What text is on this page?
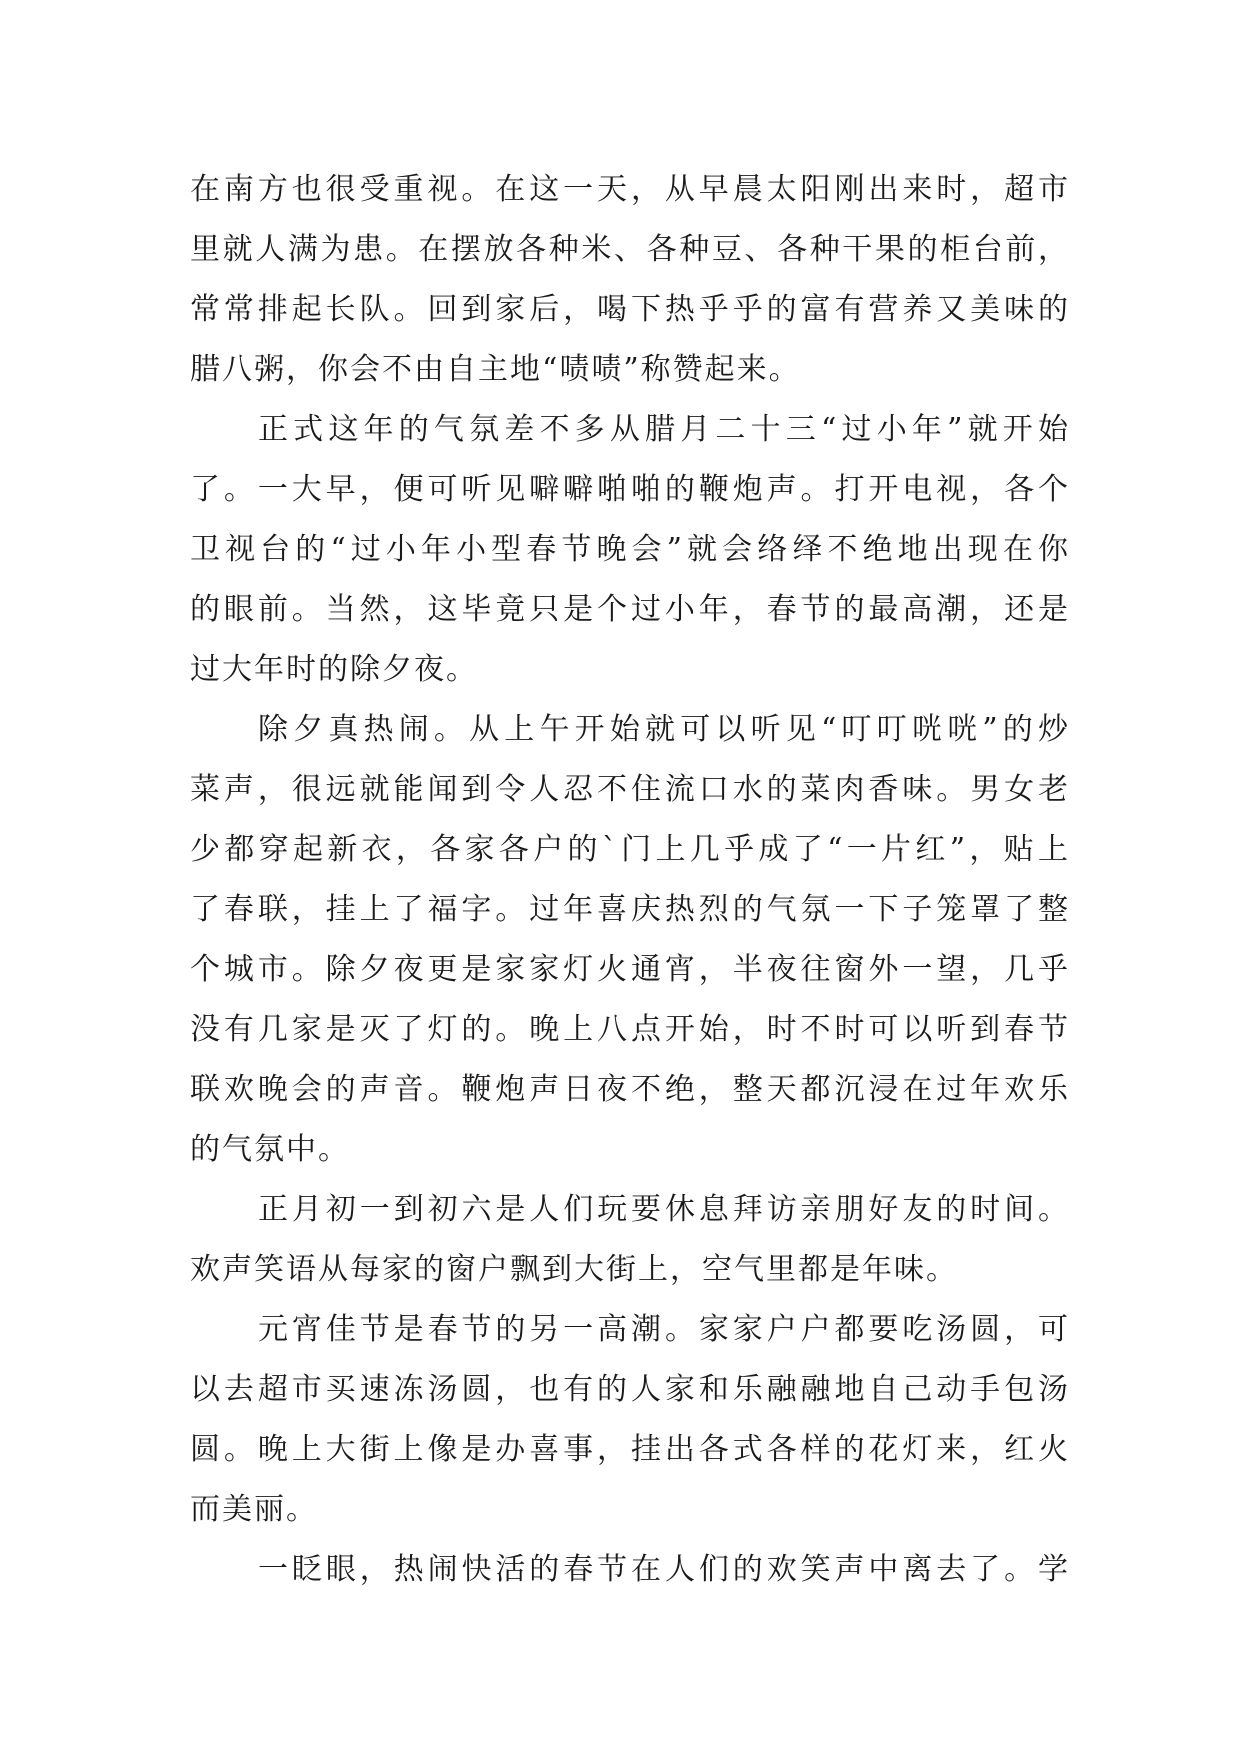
在南方也很受重视。在这一天，从早晨太阳刚出来时，超市
里就人满为患。在摆放各种米、各种豆、各种干果的柜台前，
常常排起长队。回到家后，喝下热乎乎的富有营养又美味的
腊八粥，你会不由自主地“啧啧”称赞起来。
正式这年的气氛差不多从腊月二十三“过小年”就开始
了。一大早，便可听见噼噼啪啪的鞭炮声。打开电视，各个
卫视台的“过小年小型春节晚会”就会络绎不绝地出现在你
的眼前。当然，这毕竟只是个过小年，春节的最高潮，还是
过大年时的除夕夜。
除夕真热闹。从上午开始就可以听见“叮叮咣咣”的炒
菜声，很远就能闻到令人忍不住流口水的菜肉香味。男女老
少都穿起新衣，各家各户的`门上几乎成了“一片红”，贴上
了春联，挂上了福字。过年喜庆热烈的气氛一下子笼罩了整
个城市。除夕夜更是家家灯火通宵，半夜往窗外一望，几乎
没有几家是灭了灯的。晚上八点开始，时不时可以听到春节
联欢晚会的声音。鞭炮声日夜不绝，整天都沉浸在过年欢乐
的气氛中。
正月初一到初六是人们玩要休息拜访亲朋好友的时间。
欢声笑语从每家的窗户飘到大街上，空气里都是年味。
元宵佳节是春节的另一高潮。家家户户都要吃汤圆，可
以去超市买速冻汤圆，也有的人家和乐融融地自己动手包汤
圆。晚上大街上像是办喜事，挂出各式各样的花灯来，红火
而美丽。
一眨眼，热闹快活的春节在人们的欢笑声中离去了。学
